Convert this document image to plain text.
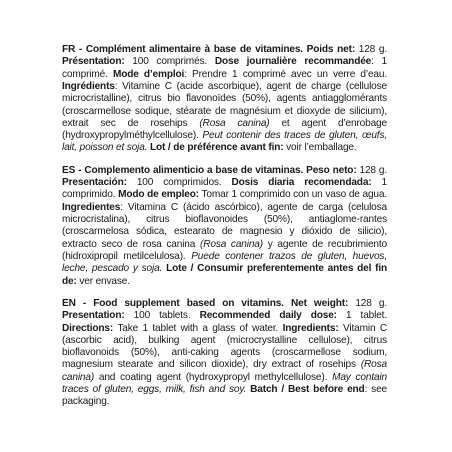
FR - Complément alimentaire à base de vitamines. Poids net: 128 g. Présentation: 100 comprimés. Dose journalière recommandée: 1 comprimé. Mode d’emploi: Prendre 1 comprimé avec un verre d’eau. Ingrédients: Vitamine C (acide ascorbique), agent de charge (cellulose microcristalline), citrus bio flavonoïdes (50%), agents antiagglomérants (croscarmellose sodique, stéarate de magnésium et dioxyde de silicium), extrait sec de rosehips (Rosa canina) et agent d’enrobage (hydroxypropylméthylcellulose). Peut contenir des traces de gluten, œufs, lait, poisson et soja. Lot / de préférence avant fin: voir l’emballage.

ES - Complemento alimenticio a base de vitaminas. Peso neto: 128 g. Presentación: 100 comprimidos. Dosis diaria recomendada: 1 comprimido. Modo de empleo: Tomar 1 comprimido con un vaso de agua. Ingredientes: Vitamina C (ácido ascórbico), agente de carga (celulosa microcristalina), citrus bioflavonoides (50%), antiaglome-rantes (croscarmelosa sódica, estearato de magnesio y dióxido de silicio), extracto seco de rosa canina (Rosa canina) y agente de recubrimiento (hidroxipropil metilcelulosa). Puede contener trazos de gluten, huevos, leche, pescado y soja. Lote / Consumir preferentemente antes del fin de: ver envase.

EN - Food supplement based on vitamins. Net weight: 128 g. Presentation: 100 tablets. Recommended daily dose: 1 tablet. Directions: Take 1 tablet with a glass of water. Ingredients: Vitamin C (ascorbic acid), bulking agent (microcrystalline cellulose), citrus bioflavonoids (50%), anti-caking agents (croscarmellose sodium, magnesium stearate and silicon dioxide), dry extract of rosehips (Rosa canina) and coating agent (hydroxypropyl methylcellulose). May contain traces of gluten, eggs, milk, fish and soy. Batch / Best before end: see packaging.
